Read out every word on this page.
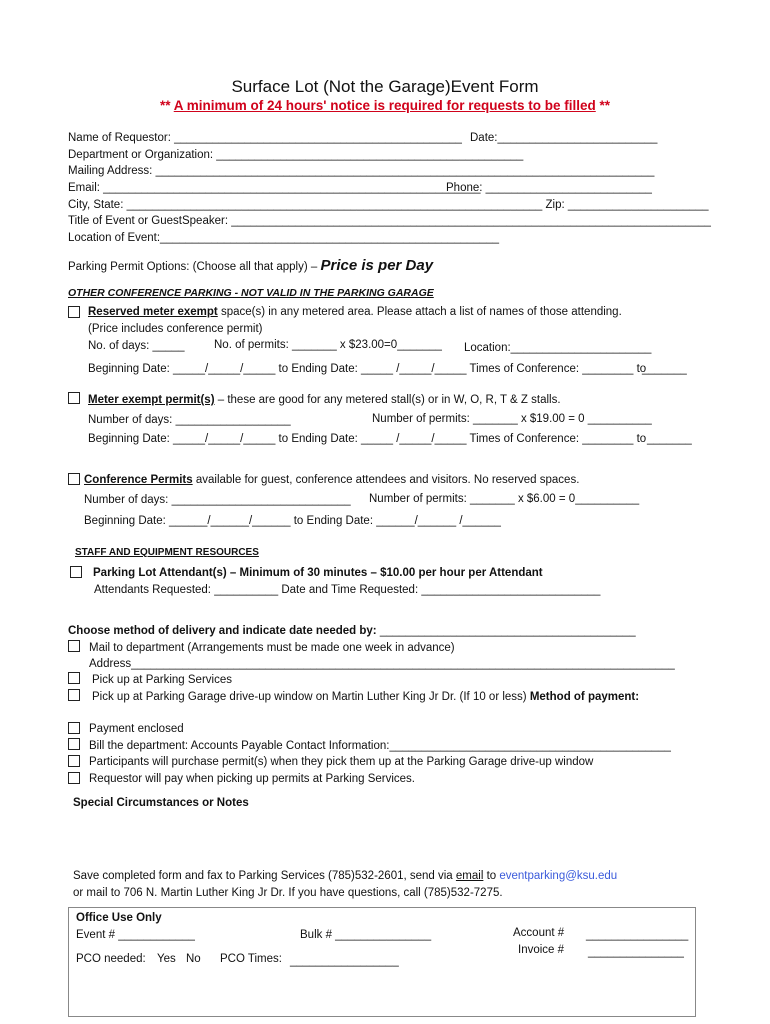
Surface Lot (Not the Garage)Event Form
** A minimum of 24 hours' notice is required for requests to be filled **
Name of Requestor: _____________________________________________ Date:_________________________
Department or Organization: ________________________________________________
Mailing Address: ______________________________________________________________________________
Email: ___________________________________________________________
Phone: __________________________
City, State: _________________________________________________________________ Zip: ______________________
Title of Event or GuestSpeaker: ___________________________________________________________________________
Location of Event:_____________________________________________________
Parking Permit Options: (Choose all that apply) – Price is per Day
OTHER CONFERENCE PARKING - NOT VALID IN THE PARKING GARAGE
Reserved meter exempt space(s) in any metered area. Please attach a list of names of those attending.
(Price includes conference permit)
No. of days: _____	No. of permits: _______ x $23.00=0_______ Location:______________________
Beginning Date: _____/_____/_____ to Ending Date: _____ /_____/_____ Times of Conference: ________ to
_______
Meter exempt permit(s) – these are good for any metered stall(s) or in W, O, R, T & Z stalls.
Number of days: __________________	Number of permits: _______ x $19.00 = 0 __________
Beginning Date: _____/_____/_____ to Ending Date: _____ /_____/_____ Times of Conference: ________ to _______
Conference Permits available for guest, conference attendees and visitors. No reserved spaces.
Number of days: ____________________________ Number of permits: _______ x $6.00 = 0__________
Beginning Date: ______/______/______ to Ending Date: ______/______ /______
STAFF AND EQUIPMENT RESOURCES
Parking Lot Attendant(s) – Minimum of 30 minutes – $10.00 per hour per Attendant
Attendants Requested: __________ Date and Time Requested: ____________________________
Choose method of delivery and indicate date needed by: ________________________________________
Mail to department (Arrangements must be made one week in advance)
Address_____________________________________________________________________________________
Pick up at Parking Services
Pick up at Parking Garage drive-up window on Martin Luther King Jr Dr. (If 10 or less) Method of payment:
Payment enclosed
Bill the department: Accounts Payable Contact Information:____________________________________________
Participants will purchase permit(s) when they pick them up at the Parking Garage drive-up window
Requestor will pay when picking up permits at Parking Services.
Special Circumstances or Notes
Save completed form and fax to Parking Services (785)532-2601, send via email to eventparking@ksu.edu
or mail to 706 N. Martin Luther King Jr Dr. If you have questions, call (785)532-7275.
Office Use Only
Event # ____________	Bulk # _______________	Account # ________________
Invoice # _______________
PCO needed: Yes No PCO Times: _________________
